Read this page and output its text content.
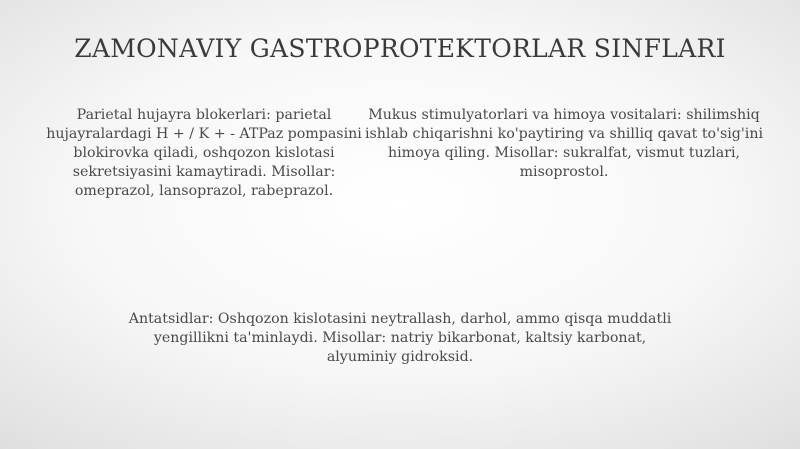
ZAMONAVIY GASTROPROTEKTORLAR SINFLARI

Parietal hujayra blokerlari: parietal hujayralardagi H + / K + - ATPaz pompasini blokirovka qiladi, oshqozon kislotasi sekretsiyasini kamaytiradi. Misollar: omeprazol, lansoprazol, rabeprazol.

Mukus stimulyatorlari va himoya vositalari: shilimshiq ishlab chiqarishni ko'paytiring va shilliq qavat to'sig'ini himoya qiling. Misollar: sukralfat, vismut tuzlari, misoprostol.

Antatsidlar: Oshqozon kislotasini neytrallash, darhol, ammo qisqa muddatli yengillikni ta'minlaydi. Misollar: natriy bikarbonat, kaltsiy karbonat, alyuminiy gidroksid.
